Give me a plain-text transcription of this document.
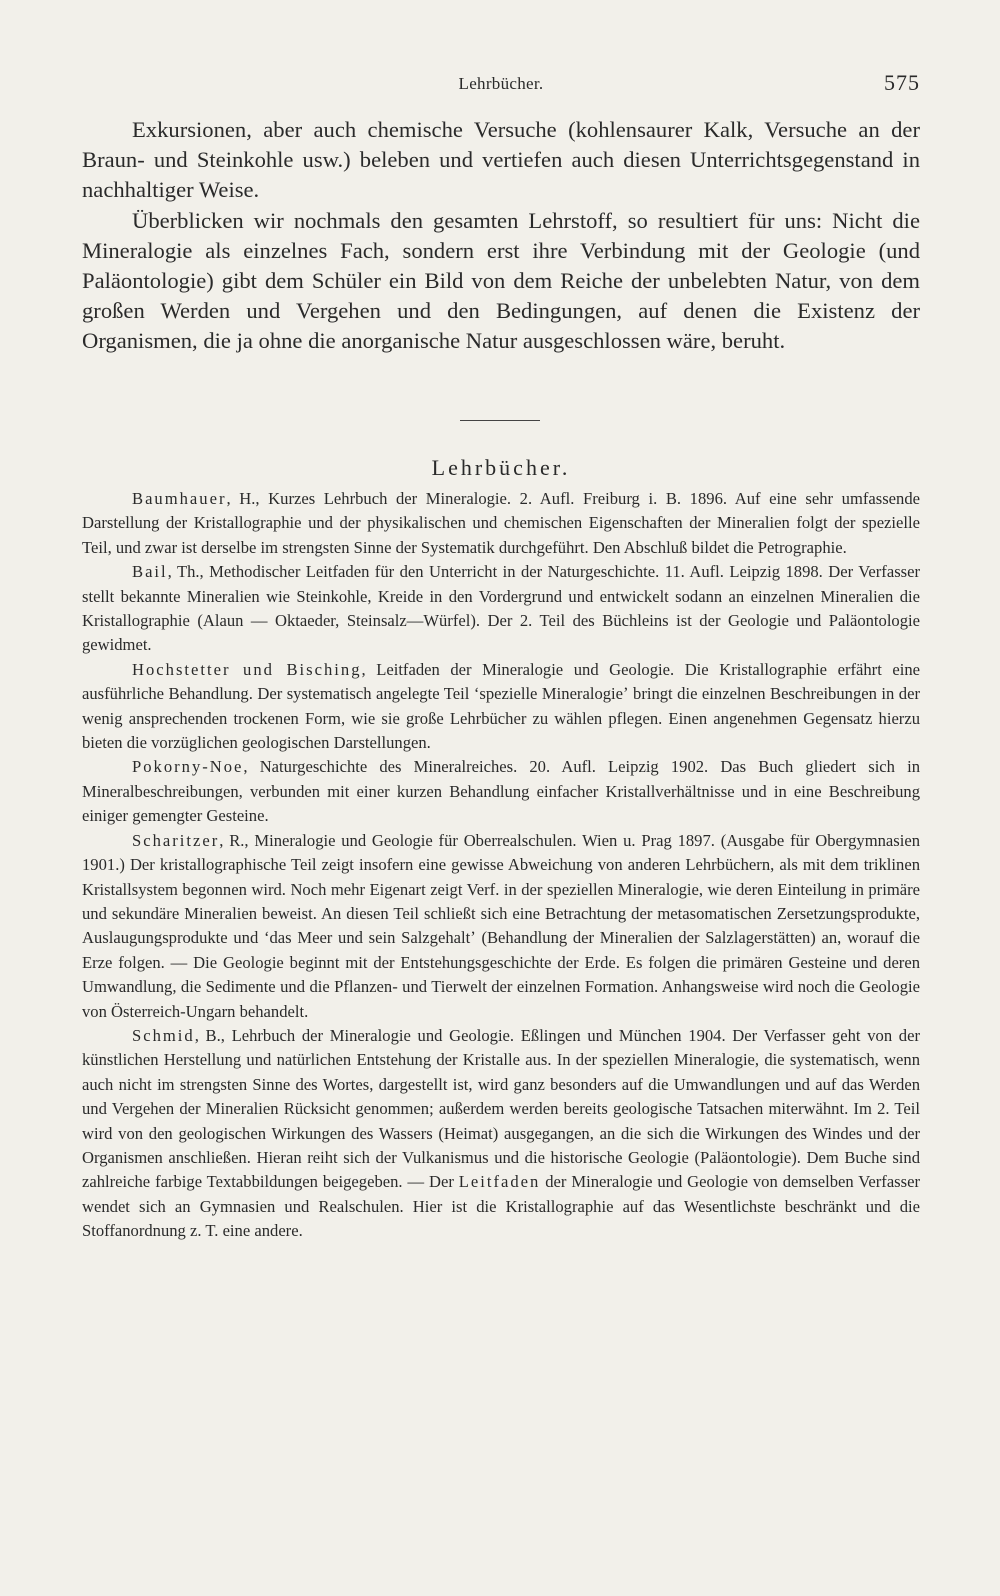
Lehrbücher.	575

Exkursionen, aber auch chemische Versuche (kohlensaurer Kalk, Versuche an der Braun- und Steinkohle usw.) beleben und vertiefen auch diesen Unterrichtsgegenstand in nachhaltiger Weise.

Überblicken wir nochmals den gesamten Lehrstoff, so resultiert für uns: Nicht die Mineralogie als einzelnes Fach, sondern erst ihre Verbindung mit der Geologie (und Paläontologie) gibt dem Schüler ein Bild von dem Reiche der unbelebten Natur, von dem großen Werden und Vergehen und den Bedingungen, auf denen die Existenz der Organismen, die ja ohne die anorganische Natur ausgeschlossen wäre, beruht.

Lehrbücher.

Baumhauer, H., Kurzes Lehrbuch der Mineralogie. 2. Aufl. Freiburg i. B. 1896. Auf eine sehr umfassende Darstellung der Kristallographie und der physikalischen und chemischen Eigenschaften der Mineralien folgt der spezielle Teil, und zwar ist derselbe im strengsten Sinne der Systematik durchgeführt. Den Abschluß bildet die Petrographie.

Bail, Th., Methodischer Leitfaden für den Unterricht in der Naturgeschichte. 11. Aufl. Leipzig 1898. Der Verfasser stellt bekannte Mineralien wie Steinkohle, Kreide in den Vordergrund und entwickelt sodann an einzelnen Mineralien die Kristallographie (Alaun — Oktaeder, Steinsalz—Würfel). Der 2. Teil des Büchleins ist der Geologie und Paläontologie gewidmet.

Hochstetter und Bisching, Leitfaden der Mineralogie und Geologie. Die Kristallographie erfährt eine ausführliche Behandlung. Der systematisch angelegte Teil ʻspezielle Mineralogieʼ bringt die einzelnen Beschreibungen in der wenig ansprechenden trockenen Form, wie sie große Lehrbücher zu wählen pflegen. Einen angenehmen Gegensatz hierzu bieten die vorzüglichen geologischen Darstellungen.

Pokorny-Noe, Naturgeschichte des Mineralreiches. 20. Aufl. Leipzig 1902. Das Buch gliedert sich in Mineralbeschreibungen, verbunden mit einer kurzen Behandlung einfacher Kristallverhältnisse und in eine Beschreibung einiger gemengter Gesteine.

Scharitzer, R., Mineralogie und Geologie für Oberrealschulen. Wien u. Prag 1897. (Ausgabe für Obergymnasien 1901.) Der kristallographische Teil zeigt insofern eine gewisse Abweichung von anderen Lehrbüchern, als mit dem triklinen Kristallsystem begonnen wird. Noch mehr Eigenart zeigt Verf. in der speziellen Mineralogie, wie deren Einteilung in primäre und sekundäre Mineralien beweist. An diesen Teil schließt sich eine Betrachtung der metasomatischen Zersetzungsprodukte, Auslaugungsprodukte und ʻdas Meer und sein Salzgehaltʼ (Behandlung der Mineralien der Salzlagerstätten) an, worauf die Erze folgen. — Die Geologie beginnt mit der Entstehungsgeschichte der Erde. Es folgen die primären Gesteine und deren Umwandlung, die Sedimente und die Pflanzen- und Tierwelt der einzelnen Formation. Anhangsweise wird noch die Geologie von Österreich-Ungarn behandelt.

Schmid, B., Lehrbuch der Mineralogie und Geologie. Eßlingen und München 1904. Der Verfasser geht von der künstlichen Herstellung und natürlichen Entstehung der Kristalle aus. In der speziellen Mineralogie, die systematisch, wenn auch nicht im strengsten Sinne des Wortes, dargestellt ist, wird ganz besonders auf die Umwandlungen und auf das Werden und Vergehen der Mineralien Rücksicht genommen; außerdem werden bereits geologische Tatsachen miterwähnt. Im 2. Teil wird von den geologischen Wirkungen des Wassers (Heimat) ausgegangen, an die sich die Wirkungen des Windes und der Organismen anschließen. Hieran reiht sich der Vulkanismus und die historische Geologie (Paläontologie). Dem Buche sind zahlreiche farbige Textabbildungen beigegeben. — Der Leitfaden der Mineralogie und Geologie von demselben Verfasser wendet sich an Gymnasien und Realschulen. Hier ist die Kristallographie auf das Wesentlichste beschränkt und die Stoffanordnung z. T. eine andere.
